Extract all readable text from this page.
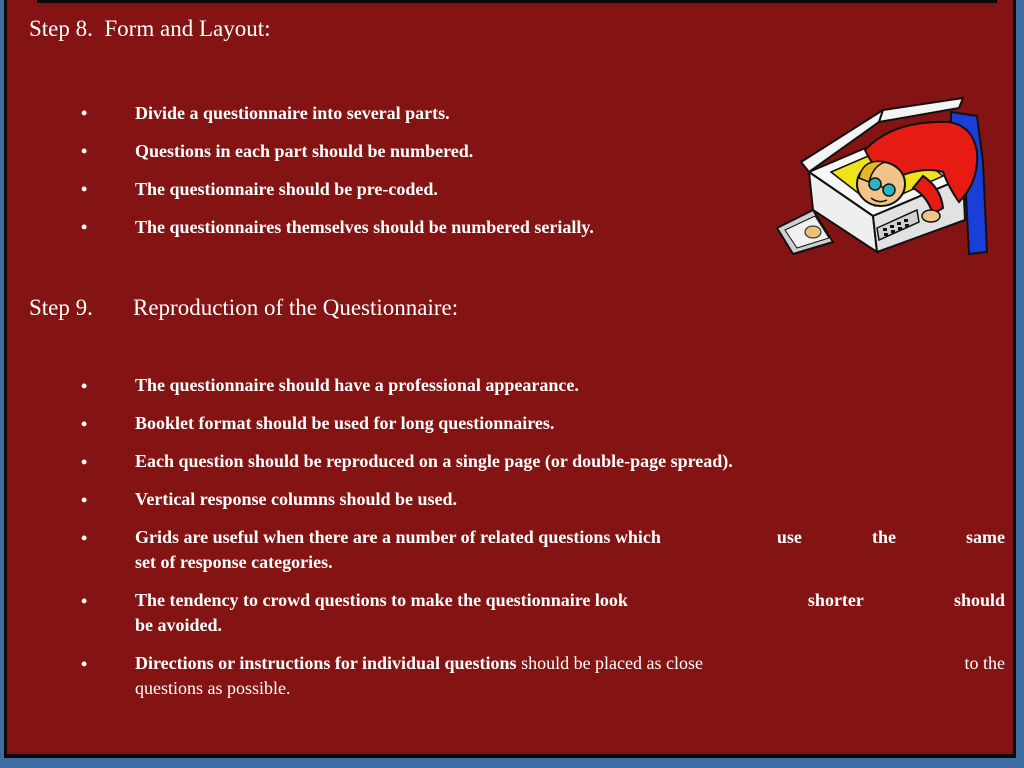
Step 8.  Form and Layout:
•	Divide a questionnaire into several parts.
•	Questions in each part should be numbered.
•	The questionnaire should be pre-coded.
•	The questionnaires themselves should be numbered serially.
Step 9. Reproduction of the Questionnaire:
•	The questionnaire should have a professional appearance.
•	Booklet format should be used for long questionnaires.
•	Each question should be reproduced on a single page (or double-page spread).
•	Vertical response columns should be used.
•	Grids are useful when there are a number of related questions which	use	the	same
set of response categories.
•	The tendency to crowd questions to make the questionnaire look	shorter	should
be avoided.
•	Directions or instructions for individual questions should be placed as close	to the
questions as possible.
